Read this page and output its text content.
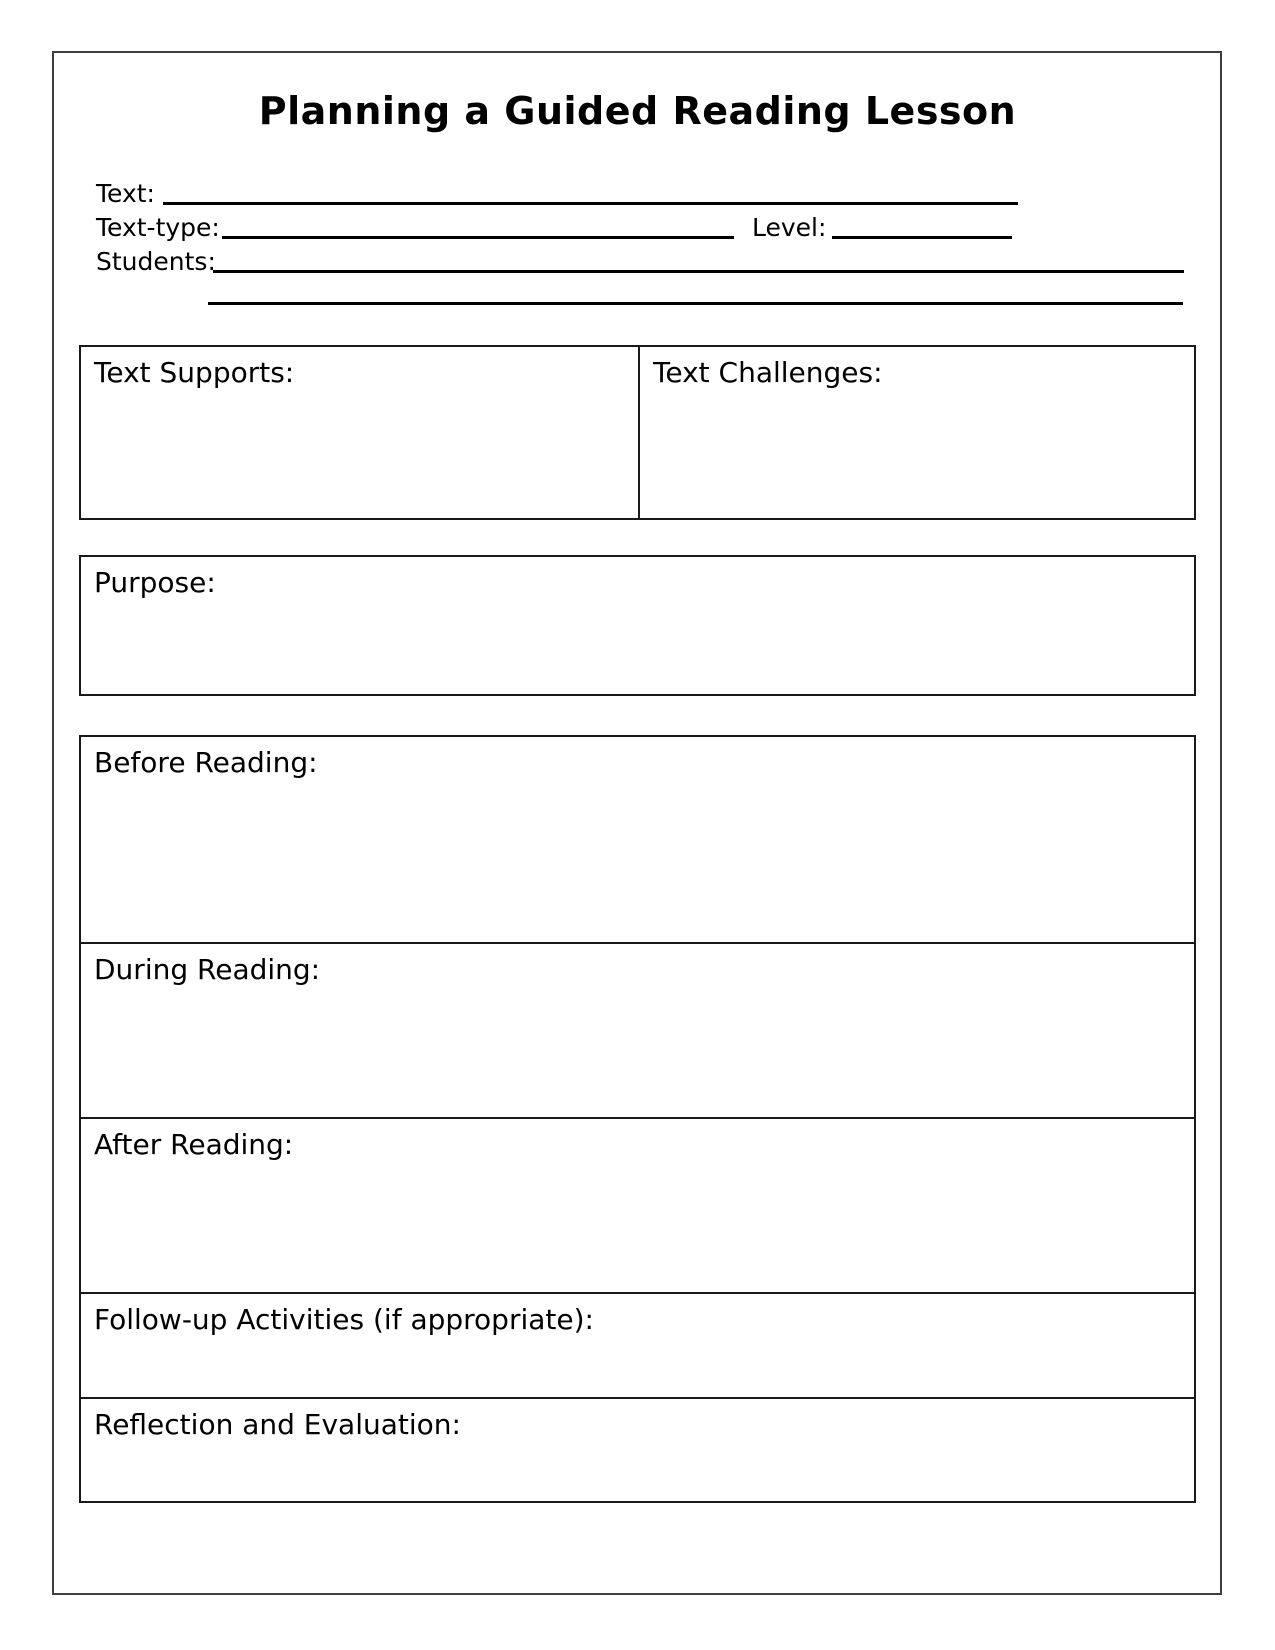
Planning a Guided Reading Lesson
Text:
Text-type:	Level:
Students:
Text Supports:	Text Challenges:
Purpose:
Before Reading:
During Reading:
After Reading:
Follow-up Activities (if appropriate):
Reflection and Evaluation:
